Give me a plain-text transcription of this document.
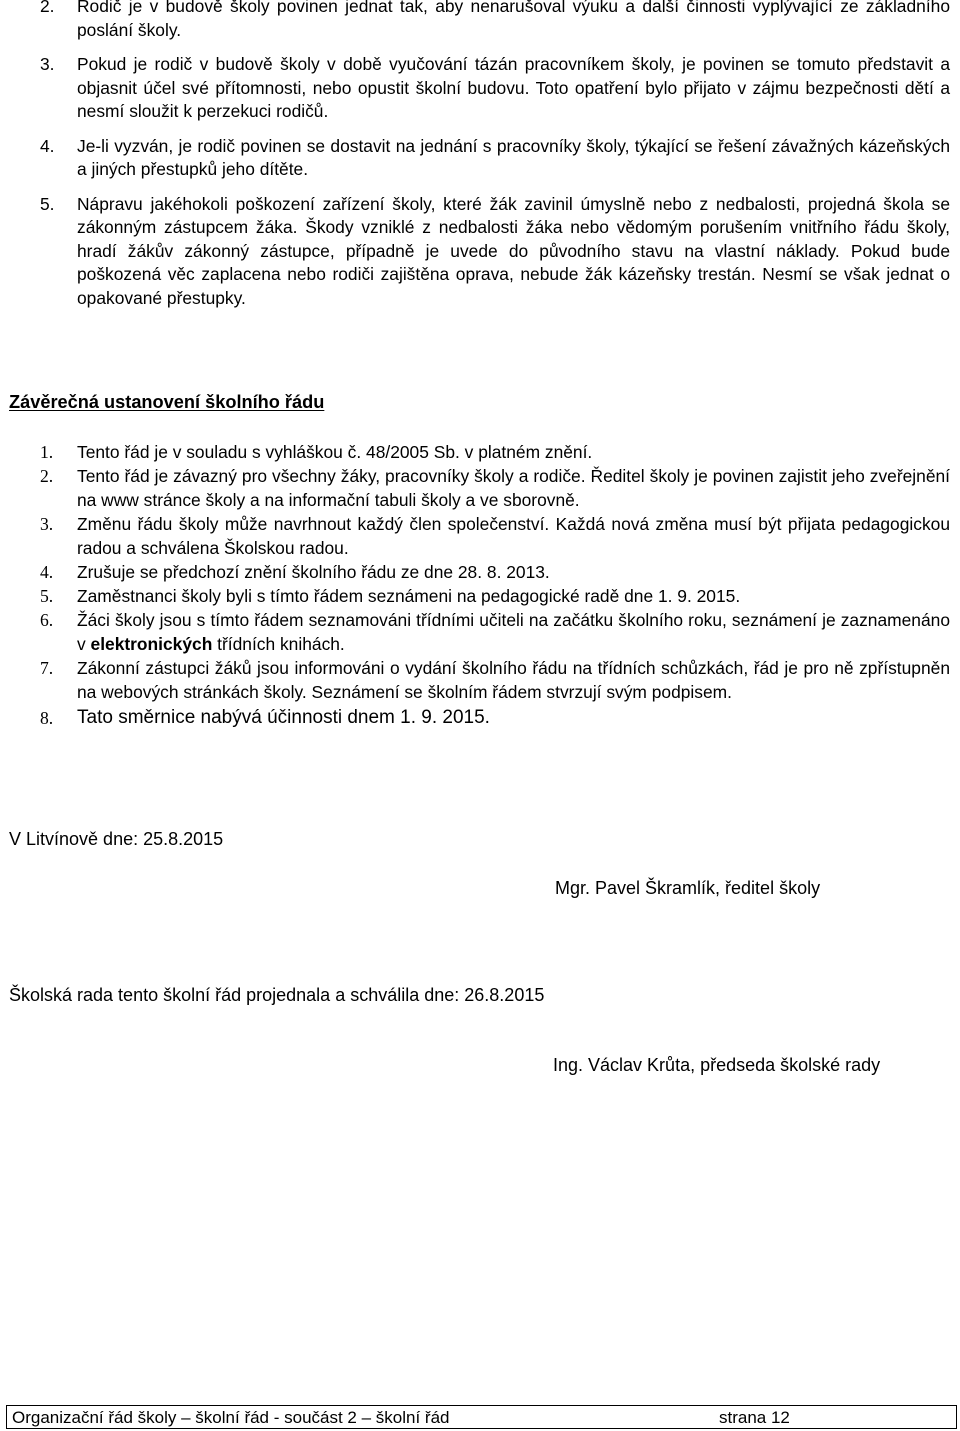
2.	Rodič je v budově školy povinen jednat tak, aby nenarušoval výuku a další činnosti vyplývající ze základního poslání školy.
3.	Pokud je rodič v budově školy v době vyučování tázán pracovníkem školy, je povinen se tomuto představit a objasnit účel své přítomnosti, nebo opustit školní budovu. Toto opatření bylo přijato v zájmu bezpečnosti dětí a nesmí sloužit k perzekuci rodičů.
4.	Je-li vyzván, je rodič povinen se dostavit na jednání s pracovníky školy, týkající se řešení závažných kázeňských a jiných přestupků jeho dítěte.
5.	Nápravu jakéhokoli poškození zařízení školy, které žák zavinil úmyslně nebo z nedbalosti, projedná škola se zákonným zástupcem žáka. Škody vzniklé z nedbalosti žáka nebo vědomým porušením vnitřního řádu školy, hradí žákův zákonný zástupce, případně je uvede do původního stavu na vlastní náklady. Pokud bude poškozená věc zaplacena nebo rodiči zajištěna oprava, nebude žák kázeňsky trestán. Nesmí se však jednat o opakované přestupky.
Závěrečná ustanovení školního řádu
1.	Tento řád je v souladu s vyhláškou č. 48/2005 Sb. v platném znění.
2.	Tento řád je závazný pro všechny žáky, pracovníky školy a rodiče. Ředitel školy je povinen zajistit jeho zveřejnění na www stránce školy a na informační tabuli školy a ve sborovně.
3.	Změnu řádu školy může navrhnout každý člen společenství. Každá nová změna musí být přijata pedagogickou radou a schválena Školskou radou.
4.	Zrušuje se předchozí znění školního řádu ze dne 28. 8. 2013.
5.	Zaměstnanci školy byli s tímto řádem seznámeni na pedagogické radě dne 1. 9. 2015.
6.	Žáci školy jsou s tímto řádem seznamováni třídními učiteli na začátku školního roku, seznámení je zaznamenáno v elektronických třídních knihách.
7.	Zákonní zástupci žáků jsou informováni o vydání školního řádu na třídních schůzkách, řád je pro ně zpřístupněn na webových stránkách školy. Seznámení se školním řádem stvrzují svým podpisem.
8.	Tato směrnice nabývá účinnosti dnem 1. 9. 2015.
V Litvínově dne: 25.8.2015
Mgr. Pavel Škramlík, ředitel školy
Školská rada tento školní řád projednala a schválila dne: 26.8.2015
Ing. Václav Krůta, předseda školské rady
Organizační řád školy – školní řád - součást 2 – školní řád	strana 12
